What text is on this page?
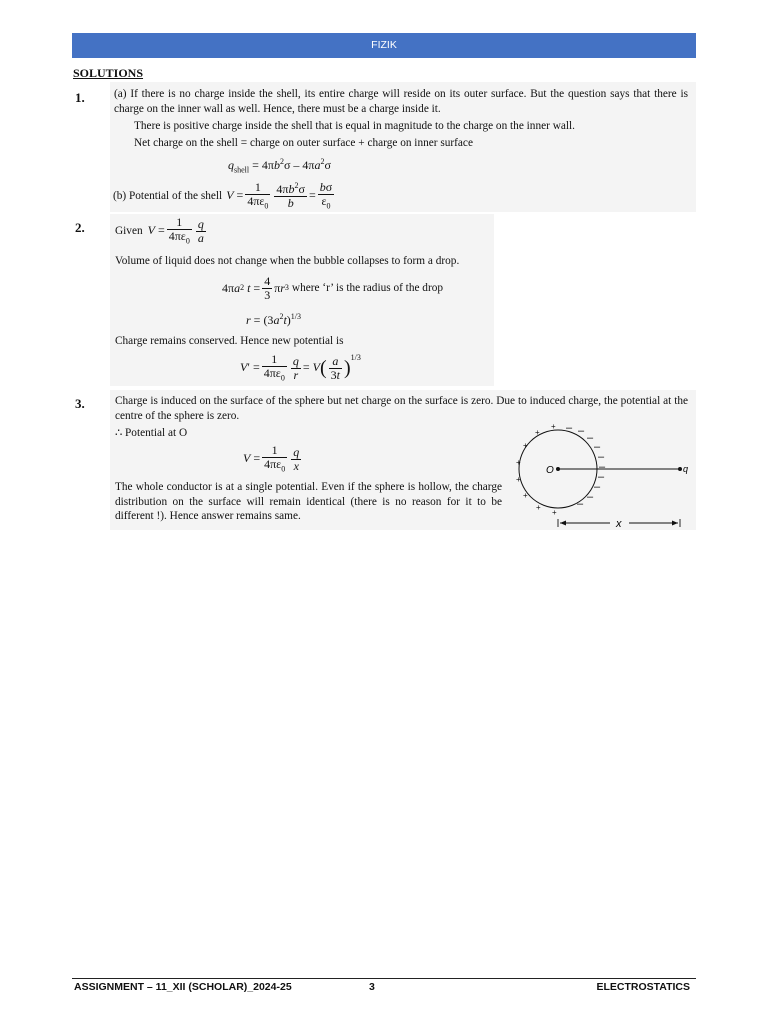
FIZIK
SOLUTIONS
1.	(a) If there is no charge inside the shell, its entire charge will reside on its outer surface. But the question says that there is charge on the inner wall as well. Hence, there must be a charge inside it.
There is positive charge inside the shell that is equal in magnitude to the charge on the inner wall.
Net charge on the shell = charge on outer surface + charge on inner surface
$q_{shell} = 4\pi b^2\sigma - 4\pi a^2\sigma$
(b) Potential of the shell $V = \frac{1}{4\pi\varepsilon_0} \frac{4\pi b^2\sigma}{b} = \frac{b\sigma}{\varepsilon_0}$
2.	Given $V = \frac{1}{4\pi\varepsilon_0} \frac{q}{a}$
Volume of liquid does not change when the bubble collapses to form a drop.
4π a 2
$t = \frac{4}{3}$ π r 3
where ‘r’ is the radius of the drop
$r = (3a^2t)^{1/3}$
Charge remains conserved. Hence new potential is
V ′ = $\frac{1}{4\pi\varepsilon_0} \frac{q}{r} = V$ ( $\frac{a}{3t} )^{1/3}$
3.	Charge is induced on the surface of the sphere but net charge on the surface is zero. Due to induced charge, the potential at the centre of the sphere is zero.
∴ Potential at O
$V = \frac{1}{4\pi\varepsilon_0} \frac{q}{x}$
The whole conductor is at a single potential. Even if the sphere is hollow, the charge distribution on the surface will remain identical (there is no reason for it to be different !). Hence answer remains same.
O	q
– –
–
–
–
–
–
–
–
–
+
+
+
+
+
+
+
+
x
ASSIGNMENT – 11_XII (SCHOLAR)_2024-25	3	ELECTROSTATICS
